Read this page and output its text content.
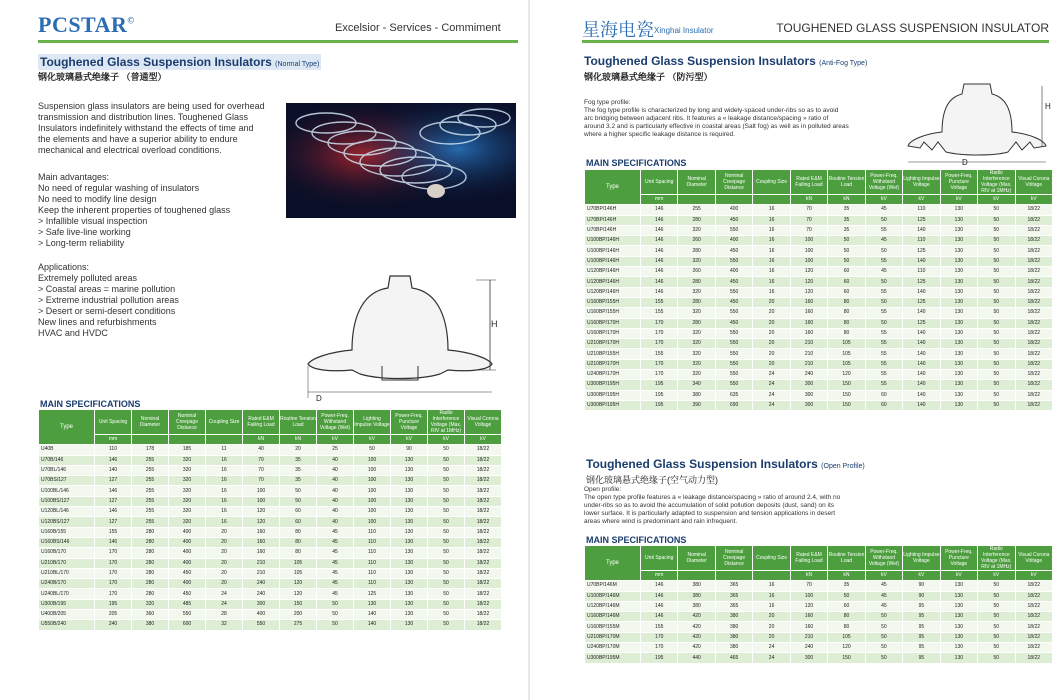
PCSTAR©
Excelsior - Services - Commiment
Toughened Glass Suspension Insulators (Normal Type)
钢化玻璃悬式绝缘子 （普通型）
Suspension glass insulators are being used for overhead
transmission and distribution lines. Toughened Glass
Insulators indefinitely withstand the effects of time and
the elements and have a superior ability to endure
mechanical and electrical overload conditions.
Main advantages:
No need of regular washing of insulators
No need to modify line design
Keep the inherent properties of toughened glass
> Infallible visual inspection
> Safe live-line working
> Long-term reliability
Applications:
Extremely polluted areas
> Coastal areas = marine pollution
> Extreme industrial pollution areas
> Desert or semi-desert conditions
New lines and refurbishments
HVAC and HVDC
H
D
MAIN SPECIFICATIONS
Type	Unit Spacing	Nominal Diameter	Nominal Creepage Distance	Coupling Size	Rated E&M Failing Load	Routine Tension Load	Power-Freq. Withstand Voltage (Wet)	Lighting Impulse Voltage	Power-Freq. Puncture Voltage	Radio Interference Voltage (Max. RIV at 1MHz)	Visual Corona Voltage
	mm				kN	kN	kV	kV	kV	kV	kV
U40B	110	178	185	11	40	20	25	50	90	50	18/22
U70B/146	146	255	320	16	70	35	40	100	130	50	18/22
U70BL/146	140	255	320	16	70	35	40	100	130	50	18/22
U70BS/127	127	255	320	16	70	35	40	100	130	50	18/22
U100BL/146	146	255	320	16	100	50	40	100	130	50	18/22
U100BS/127	127	255	320	16	100	50	40	100	130	50	18/22
U120BL/146	146	255	320	16	120	60	40	100	130	50	18/22
U120BS/127	127	255	320	16	120	60	40	100	130	50	18/22
U160B/155	155	280	400	20	160	80	45	110	130	50	18/22
U160BS/146	146	280	400	20	160	80	45	110	130	50	18/22
U160B/170	170	280	400	20	160	80	45	110	130	50	18/22
U210B/170	170	280	400	20	210	105	45	110	130	50	18/22
U210BL/170	170	280	450	20	210	105	45	110	130	50	18/22
U240B/170	170	280	400	20	240	120	45	110	130	50	18/22
U240BL/170	170	280	450	24	240	120	45	125	130	50	18/22
U300B/195	195	320	485	24	300	150	50	130	130	50	18/22
U400B/205	205	360	550	28	400	200	50	140	130	50	18/22
U550B/240	240	380	600	32	550	275	50	140	130	50	18/22
星海电瓷 Xinghai Insulator	TOUGHENED GLASS SUSPENSION INSULATOR
Toughened Glass Suspension Insulators (Anti-Fog Type)
钢化玻璃悬式绝缘子 （防污型）
Fog type profile:
The fog type profile is characterized by long and widely-spaced under-ribs so as to avoid
arc bridging between adjacent ribs. It features a « leakage distance/spacing » ratio of
around 3.2 and is particularly effective in coastal areas (Salt fog) as well as in polluted areas
where a higher specific leakage distance is required.
H
D
MAIN SPECIFICATIONS
Type	Unit Spacing	Nominal Diameter	Nominal Creepage Distance	Coupling Size	Rated E&M Failing Load	Routine Tension Load	Power-Freq. Withstand Voltage (Wet)	Lighting Impulse Voltage	Power-Freq. Puncture Voltage	Radio Interference Voltage (Max. RIV at 1MHz)	Visual Corona Voltage
	mm				kN	kN	kV	kV	kV	kV	kV
U70BP/146H	146	255	400	16	70	35	45	110	130	50	18/22
U70BP/146H	146	280	450	16	70	35	50	125	130	50	18/22
U70BP/146H	146	320	550	16	70	35	55	140	130	50	18/22
U100BP/146H	146	260	400	16	100	50	45	110	130	50	18/22
U100BP/146H	146	280	450	16	100	50	50	125	130	50	18/22
U100BP/146H	146	320	550	16	100	50	55	140	130	50	18/22
U120BP/146H	146	260	400	16	120	60	45	110	130	50	18/22
U120BP/146H	146	280	450	16	120	60	50	125	130	50	18/22
U120BP/146H	146	320	550	16	120	60	55	140	130	50	18/22
U160BP/155H	155	280	450	20	160	80	50	125	130	50	18/22
U160BP/155H	155	320	550	20	160	80	55	140	130	50	18/22
U160BP/170H	170	280	450	20	160	80	50	125	130	50	18/22
U160BP/170H	170	320	550	20	160	80	55	140	130	50	18/22
U210BP/170H	170	320	550	20	210	105	55	140	130	50	18/22
U210BP/155H	155	320	550	20	210	105	55	140	130	50	18/22
U210BP/170H	170	320	550	20	210	105	55	140	130	50	18/22
U240BP/170H	170	320	550	24	240	120	55	140	130	50	18/22
U300BP/195H	195	340	550	24	300	150	55	140	130	50	18/22
U300BP/195H	195	380	635	24	300	150	60	140	130	50	18/22
U300BP/195H	195	390	690	24	300	150	60	140	130	50	18/22
Toughened Glass Suspension Insulators (Open Profile)
钢化玻璃悬式绝缘子(空气动力型)
Open profile:
The open type profile features a « leakage distance/spacing » ratio of around 2.4, with no
under-ribs so as to avoid the accumulation of solid pollution deposits (dust, sand) on its
lower surface. It is particularly adapted to suspension and tension applications in desert
areas where wind is predominant and rain infrequent.
MAIN SPECIFICATIONS
Type	Unit Spacing	Nominal Diameter	Nominal Creepage Distance	Coupling Size	Rated E&M Failing Load	Routine Tension Load	Power-Freq. Withstand Voltage (Wet)	Lighting Impulse Voltage	Power-Freq. Puncture Voltage	Radio Interference Voltage (Max. RIV at 1MHz)	Visual Corona Voltage
	mm				kN	kN	kV	kV	kV	kV	kV
U70BP/146M	146	380	365	16	70	35	45	90	130	50	18/22
U100BP/146M	146	380	365	16	100	50	45	90	130	50	18/22
U120BP/146M	146	380	365	16	120	60	45	95	130	50	18/22
U160BP/146M	146	420	380	20	160	80	50	95	130	50	18/22
U160BP/155M	155	420	380	20	160	80	50	95	130	50	18/22
U210BP/170M	170	420	380	20	210	105	50	95	130	50	18/22
U240BP/170M	170	420	380	24	240	120	50	95	130	50	18/22
U300BP/195M	195	440	465	24	300	150	50	95	130	50	18/22
